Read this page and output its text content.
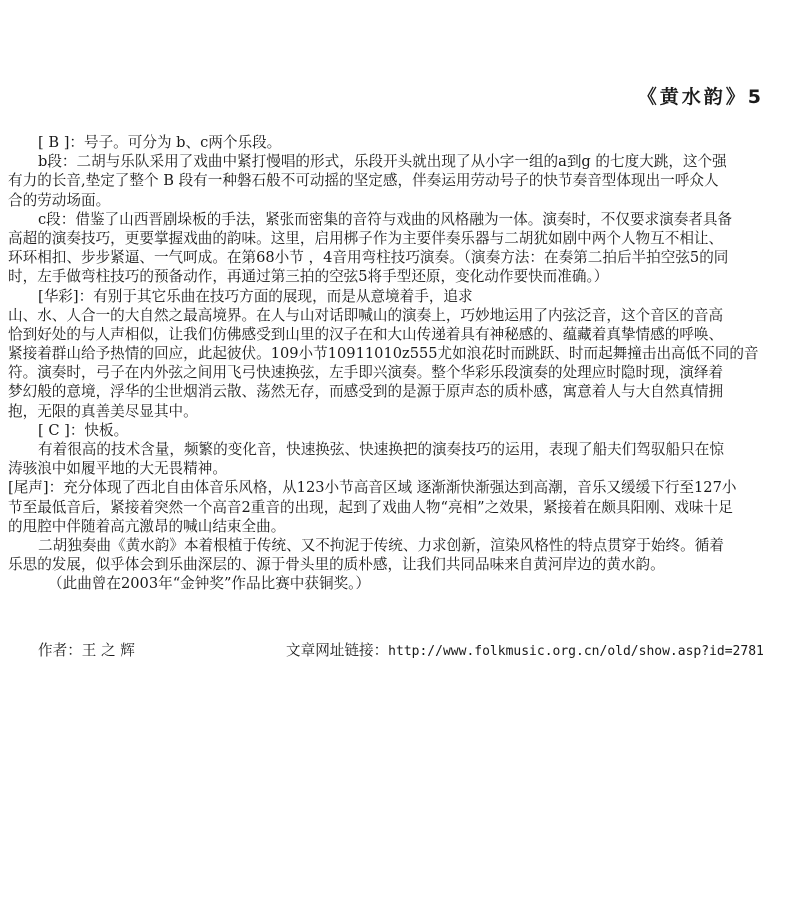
《黄水韵》5
[ B ]：号子。可分为 b、c两个乐段。
b段：二胡与乐队采用了戏曲中紧打慢唱的形式，乐段开头就出现了从小字一组的a到g 的七度大跳，这个强
有力的长音,垫定了整个 B 段有一种磐石般不可动摇的坚定感，伴奏运用劳动号子的快节奏音型体现出一呼众人
合的劳动场面。
c段：借鉴了山西晋剧垛板的手法，紧张而密集的音符与戏曲的风格融为一体。演奏时，不仅要求演奏者具备
高超的演奏技巧，更要掌握戏曲的韵味。这里，启用梆子作为主要伴奏乐器与二胡犹如剧中两个人物互不相让、
环环相扣、步步紧逼、一气呵成。在第68小节 ，4音用弯柱技巧演奏。（演奏方法：在奏第二拍后半拍空弦5的同
时，左手做弯柱技巧的预备动作，再通过第三拍的空弦5将手型还原，变化动作要快而准确。）
[华彩]：有别于其它乐曲在技巧方面的展现，而是从意境着手，追求
山、水、人合一的大自然之最高境界。在人与山对话即喊山的演奏上，巧妙地运用了内弦泛音，这个音区的音高
恰到好处的与人声相似，让我们仿佛感受到山里的汉子在和大山传递着具有神秘感的、蕴藏着真挚情感的呼唤、
紧接着群山给予热情的回应，此起彼伏。109小节10911010z555尤如浪花时而跳跃、时而起舞撞击出高低不同的音
符。演奏时，弓子在内外弦之间用飞弓快速换弦，左手即兴演奏。整个华彩乐段演奏的处理应时隐时现，演绎着
梦幻般的意境，浮华的尘世烟消云散、荡然无存，而感受到的是源于原声态的质朴感，寓意着人与大自然真情拥
抱，无限的真善美尽显其中。
[ C ]：快板。
有着很高的技术含量，频繁的变化音，快速换弦、快速换把的演奏技巧的运用，表现了船夫们驾驭船只在惊
涛骇浪中如履平地的大无畏精神。
[尾声]：充分体现了西北自由体音乐风格，从123小节高音区域 逐渐渐快渐强达到高潮，音乐又缓缓下行至127小
节至最低音后，紧接着突然一个高音2重音的出现，起到了戏曲人物“亮相”之效果，紧接着在颇具阳刚、戏味十足
的甩腔中伴随着高亢激昂的喊山结束全曲。
二胡独奏曲《黄水韵》本着根植于传统、又不拘泥于传统、力求创新，渲染风格性的特点贯穿于始终。循着
乐思的发展，似乎体会到乐曲深层的、源于骨头里的质朴感，让我们共同品味来自黄河岸边的黄水韵。
（此曲曾在2003年“金钟奖”作品比赛中获铜奖。）
作者：王 之 辉	文章网址链接：http://www.folkmusic.org.cn/old/show.asp?id=2781
